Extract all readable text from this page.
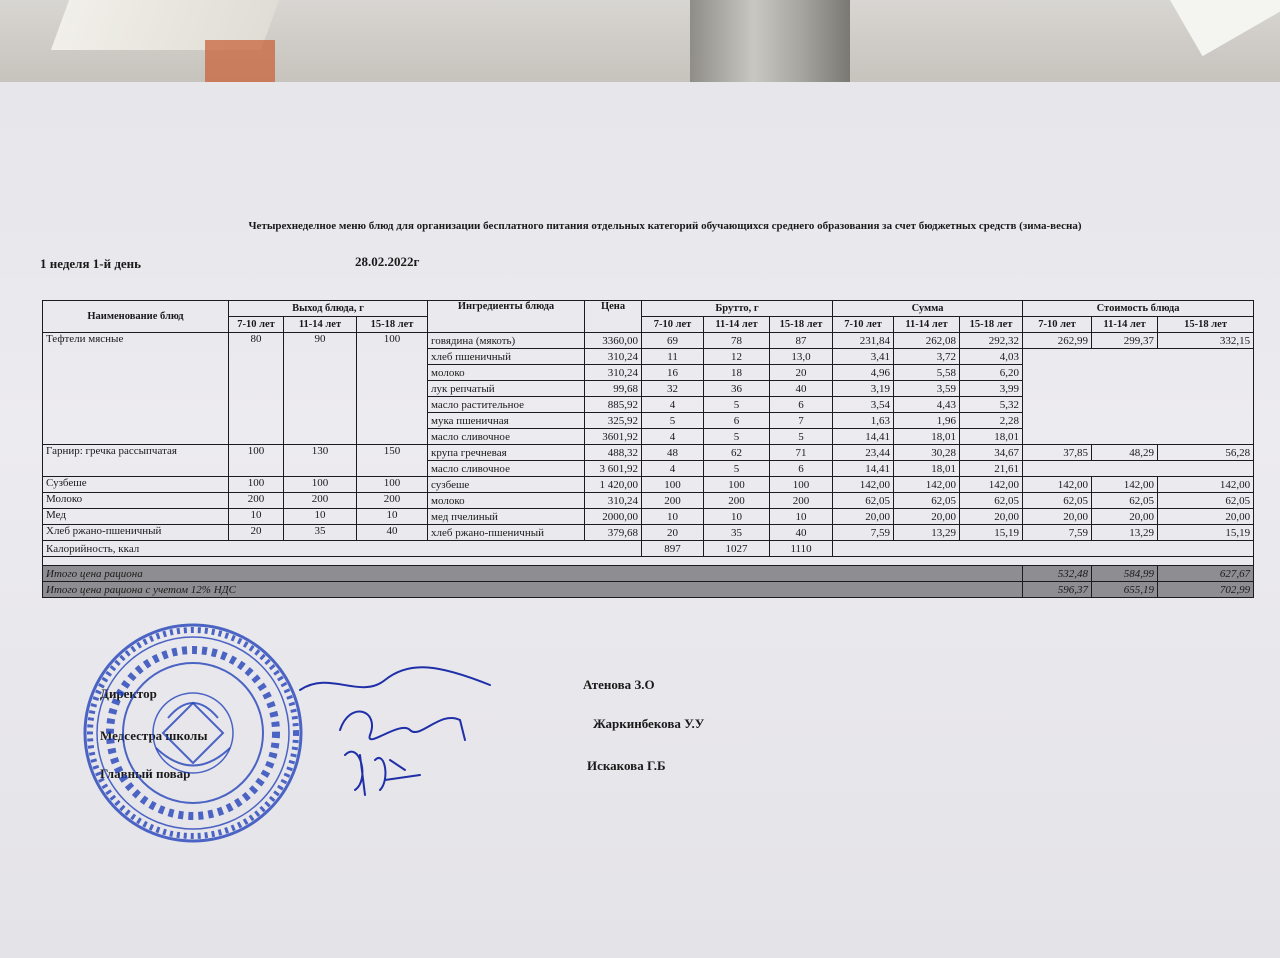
Четырехнеделное меню блюд для организации бесплатного питания отдельных категорий обучающихся среднего образования за счет бюджетных средств (зима-весна)
1 неделя 1-й день	28.02.2022г
Наименование блюд	Выход блюда, г			Ингредиенты блюда	Цена	Брутто, г			Сумма			Стоимость блюда		
	7-10 лет	11-14 лет	15-18 лет			7-10 лет	11-14 лет	15-18 лет	7-10 лет	11-14 лет	15-18 лет	7-10 лет	11-14 лет	15-18 лет
Тефтели мясные	80	90	100	говядина (мякоть)	3360,00	69	78	87	231,84	262,08	292,32	262,99	299,37	332,15
				хлеб пшеничный	310,24	11	12	13,0	3,41	3,72	4,03			
				молоко	310,24	16	18	20	4,96	5,58	6,20			
				лук репчатый	99,68	32	36	40	3,19	3,59	3,99			
				масло растительное	885,92	4	5	6	3,54	4,43	5,32			
				мука пшеничная	325,92	5	6	7	1,63	1,96	2,28			
				масло сливочное	3601,92	4	5	5	14,41	18,01	18,01			
Гарнир: гречка рассыпчатая	100	130	150	крупа гречневая	488,32	48	62	71	23,44	30,28	34,67	37,85	48,29	56,28
				масло сливочное	3 601,92	4	5	6	14,41	18,01	21,61			
Сузбеше	100	100	100	сузбеше	1 420,00	100	100	100	142,00	142,00	142,00	142,00	142,00	142,00
Молоко	200	200	200	молоко	310,24	200	200	200	62,05	62,05	62,05	62,05	62,05	62,05
Мед	10	10	10	мед пчелиный	2000,00	10	10	10	20,00	20,00	20,00	20,00	20,00	20,00
Хлеб ржано-пшеничный	20	35	40	хлеб ржано-пшеничный	379,68	20	35	40	7,59	13,29	15,19	7,59	13,29	15,19
Калорийность, ккал						897	1027	1110						

Итого цена рациона												532,48	584,99	627,67
Итого цена рациона с учетом 12% НДС												596,37	655,19	702,99
Директор
Медсестра школы
Главный повар
Атенова З.О
Жаркинбекова У.У
Искакова Г.Б
